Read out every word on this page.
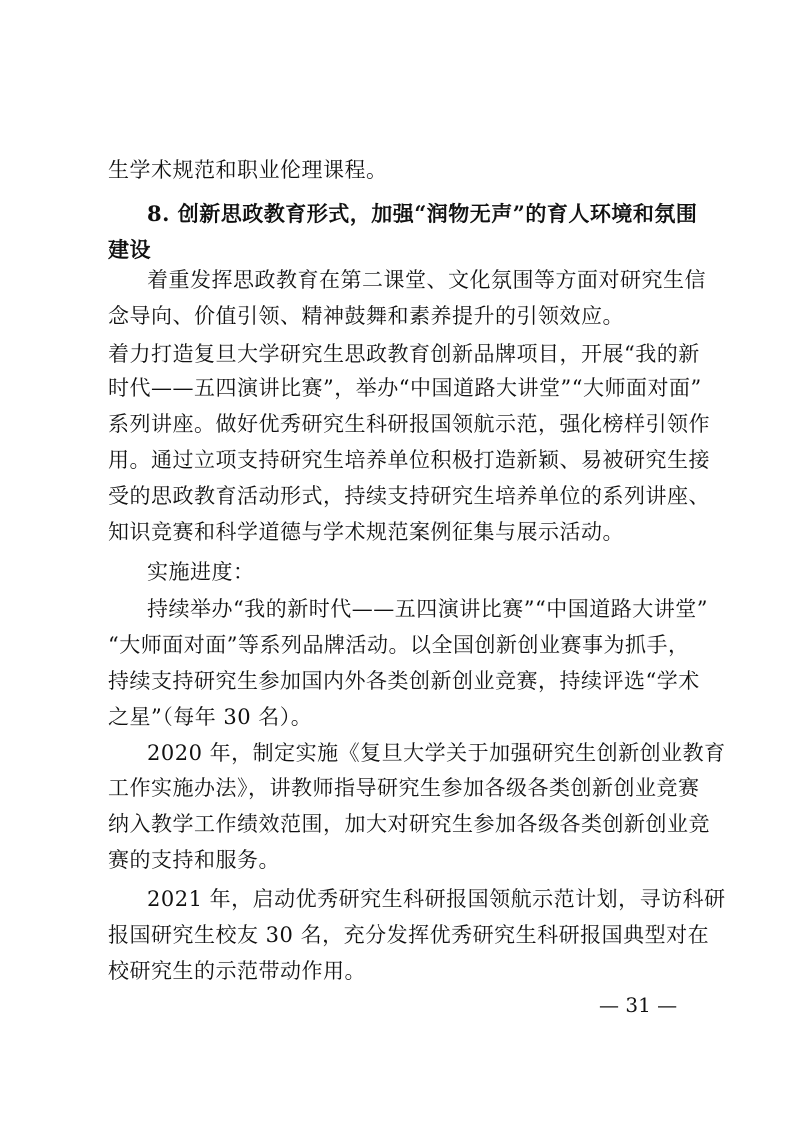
生学术规范和职业伦理课程。
8. 创新思政教育形式，加强“润物无声”的育人环境和氛围
建设
着重发挥思政教育在第二课堂、文化氛围等方面对研究生信
念导向、价值引领、精神鼓舞和素养提升的引领效应。
着力打造复旦大学研究生思政教育创新品牌项目，开展“我的新
时代——五四演讲比赛”，举办“中国道路大讲堂”“大师面对面”
系列讲座。做好优秀研究生科研报国领航示范，强化榜样引领作
用。通过立项支持研究生培养单位积极打造新颖、易被研究生接
受的思政教育活动形式，持续支持研究生培养单位的系列讲座、
知识竞赛和科学道德与学术规范案例征集与展示活动。
实施进度：
持续举办“我的新时代——五四演讲比赛”“中国道路大讲堂”
“大师面对面”等系列品牌活动。以全国创新创业赛事为抓手，
持续支持研究生参加国内外各类创新创业竞赛，持续评选“学术
之星”（每年 30 名）。
2020 年，制定实施《复旦大学关于加强研究生创新创业教育
工作实施办法》，讲教师指导研究生参加各级各类创新创业竞赛
纳入教学工作绩效范围，加大对研究生参加各级各类创新创业竞
赛的支持和服务。
2021 年，启动优秀研究生科研报国领航示范计划，寻访科研
报国研究生校友 30 名，充分发挥优秀研究生科研报国典型对在
校研究生的示范带动作用。
— 31 —
